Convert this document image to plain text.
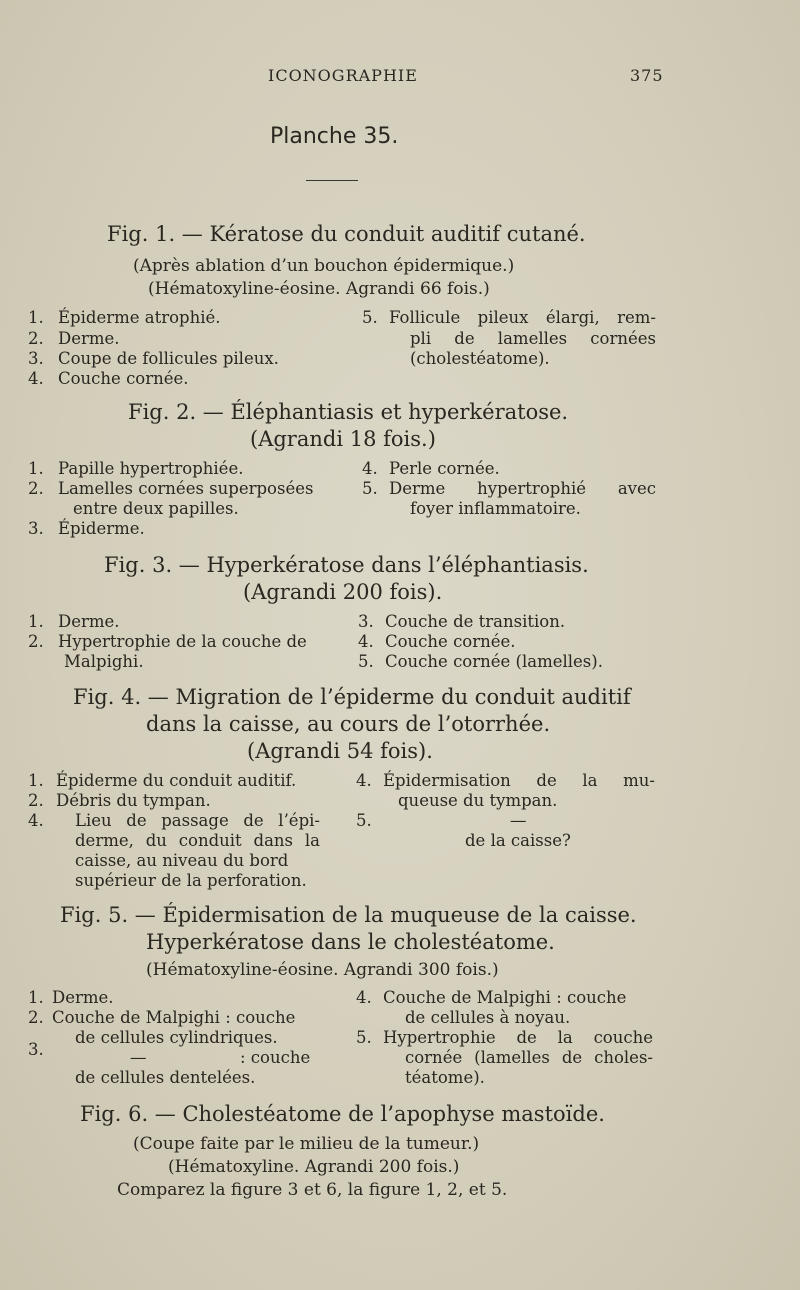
ICONOGRAPHIE	375
Planche 35.
Fig. 1. — Kératose du conduit auditif cutané.
(Après ablation d’un bouchon épidermique.)
(Hématoxyline-éosine. Agrandi 66 fois.)
1. Épiderme atrophié.
2. Derme.
3. Coupe de follicules pileux.
4. Couche cornée.
5. Follicule pileux élargi, rem-
pli de lamelles cornées
(cholestéatome).
Fig. 2. — Éléphantiasis et hyperkératose.
(Agrandi 18 fois.)
1. Papille hypertrophiée.
2. Lamelles cornées superposées
entre deux papilles.
3. Épiderme.
4. Perle cornée.
5. Derme hypertrophié avec
foyer inflammatoire.
Fig. 3. — Hyperkératose dans l’éléphantiasis.
(Agrandi 200 fois).
1. Derme.
2. Hypertrophie de la couche de
Malpighi.
3. Couche de transition.
4. Couche cornée.
5. Couche cornée (lamelles).
Fig. 4. — Migration de l’épiderme du conduit auditif
dans la caisse, au cours de l’otorrhée.
(Agrandi 54 fois).
1. Épiderme du conduit auditif.
2. Débris du tympan.
4. Lieu de passage de l’épi-
derme, du conduit dans la
caisse, au niveau du bord
supérieur de la perforation.
4. Épidermisation de la mu-
queuse du tympan.
5.	—
de la caisse?
Fig. 5. — Épidermisation de la muqueuse de la caisse.
Hyperkératose dans le cholestéatome.
(Hématoxyline-éosine. Agrandi 300 fois.)
1. Derme.
2. Couche de Malpighi : couche
de cellules cylindriques.
3.	—	: couche
de cellules dentelées.
4. Couche de Malpighi : couche
de cellules à noyau.
5. Hypertrophie de la couche
cornée (lamelles de choles-
téatome).
Fig. 6. — Cholestéatome de l’apophyse mastoïde.
(Coupe faite par le milieu de la tumeur.)
(Hématoxyline. Agrandi 200 fois.)
Comparez la figure 3 et 6, la figure 1, 2, et 5.
